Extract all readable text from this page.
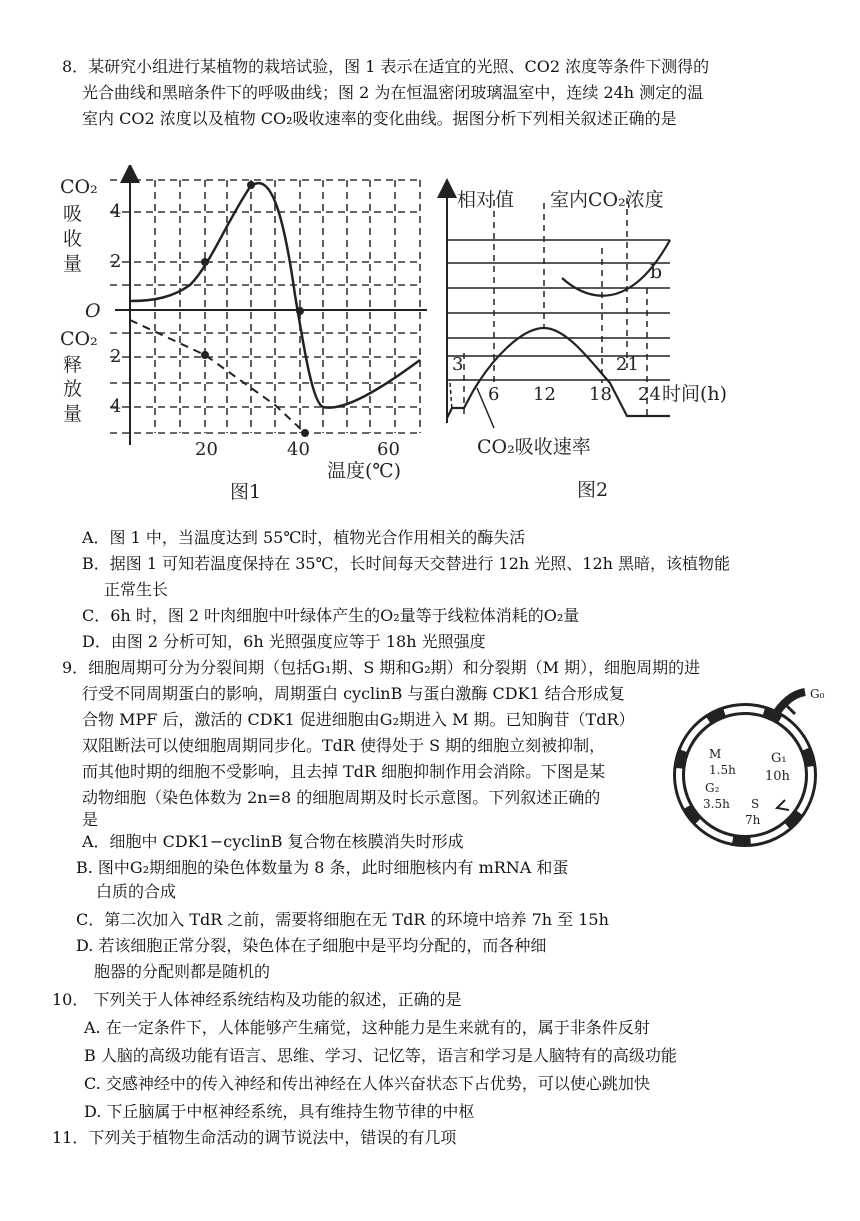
8．某研究小组进行某植物的栽培试验，图 1 表示在适宜的光照、CO2 浓度等条件下测得的
光合曲线和黑暗条件下的呼吸曲线；图 2 为在恒温密闭玻璃温室中，连续 24h 测定的温
室内 CO2 浓度以及植物 CO₂吸收速率的变化曲线。据图分析下列相关叙述正确的是
CO₂
吸
收
量
O
CO₂
释
放
量
4
2
2
4
20	40	60
温度(℃)
图1
相对值 室内CO₂浓度
b
3
6 12 18
21
24 时间(h)
CO₂吸收速率
图2
A．图 1 中，当温度达到 55℃时，植物光合作用相关的酶失活
B．据图 1 可知若温度保持在 35℃，长时间每天交替进行 12h 光照、12h 黑暗，该植物能
正常生长
C．6h 时，图 2 叶肉细胞中叶绿体产生的O₂量等于线粒体消耗的O₂量
D．由图 2 分析可知，6h 光照强度应等于 18h 光照强度
9．细胞周期可分为分裂间期（包括G₁期、S 期和G₂期）和分裂期（M 期），细胞周期的进
行受不同周期蛋白的影响，周期蛋白 cyclinB 与蛋白激酶 CDK1 结合形成复
合物 MPF 后，激活的 CDK1 促进细胞由G₂期进入 M 期。已知胸苷（TdR）
双阻断法可以使细胞周期同步化。TdR 使得处于 S 期的细胞立刻被抑制，
而其他时期的细胞不受影响，且去掉 TdR 细胞抑制作用会消除。下图是某
动物细胞（染色体数为 2n=8 的细胞周期及时长示意图。下列叙述正确的
是
G₀
M
1.5h
G₂
3.5h
G₁
10h
S
7h
A．细胞中 CDK1−cyclinB 复合物在核膜消失时形成
B. 图中G₂期细胞的染色体数量为 8 条，此时细胞核内有 mRNA 和蛋
白质的合成
C．第二次加入 TdR 之前，需要将细胞在无 TdR 的环境中培养 7h 至 15h
D. 若该细胞正常分裂，染色体在子细胞中是平均分配的，而各种细
胞器的分配则都是随机的
10． 下列关于人体神经系统结构及功能的叙述，正确的是
A. 在一定条件下，人体能够产生痛觉，这种能力是生来就有的，属于非条件反射
B 人脑的高级功能有语言、思维、学习、记忆等，语言和学习是人脑特有的高级功能
C. 交感神经中的传入神经和传出神经在人体兴奋状态下占优势，可以使心跳加快
D. 下丘脑属于中枢神经系统，具有维持生物节律的中枢
11．下列关于植物生命活动的调节说法中，错误的有几项
